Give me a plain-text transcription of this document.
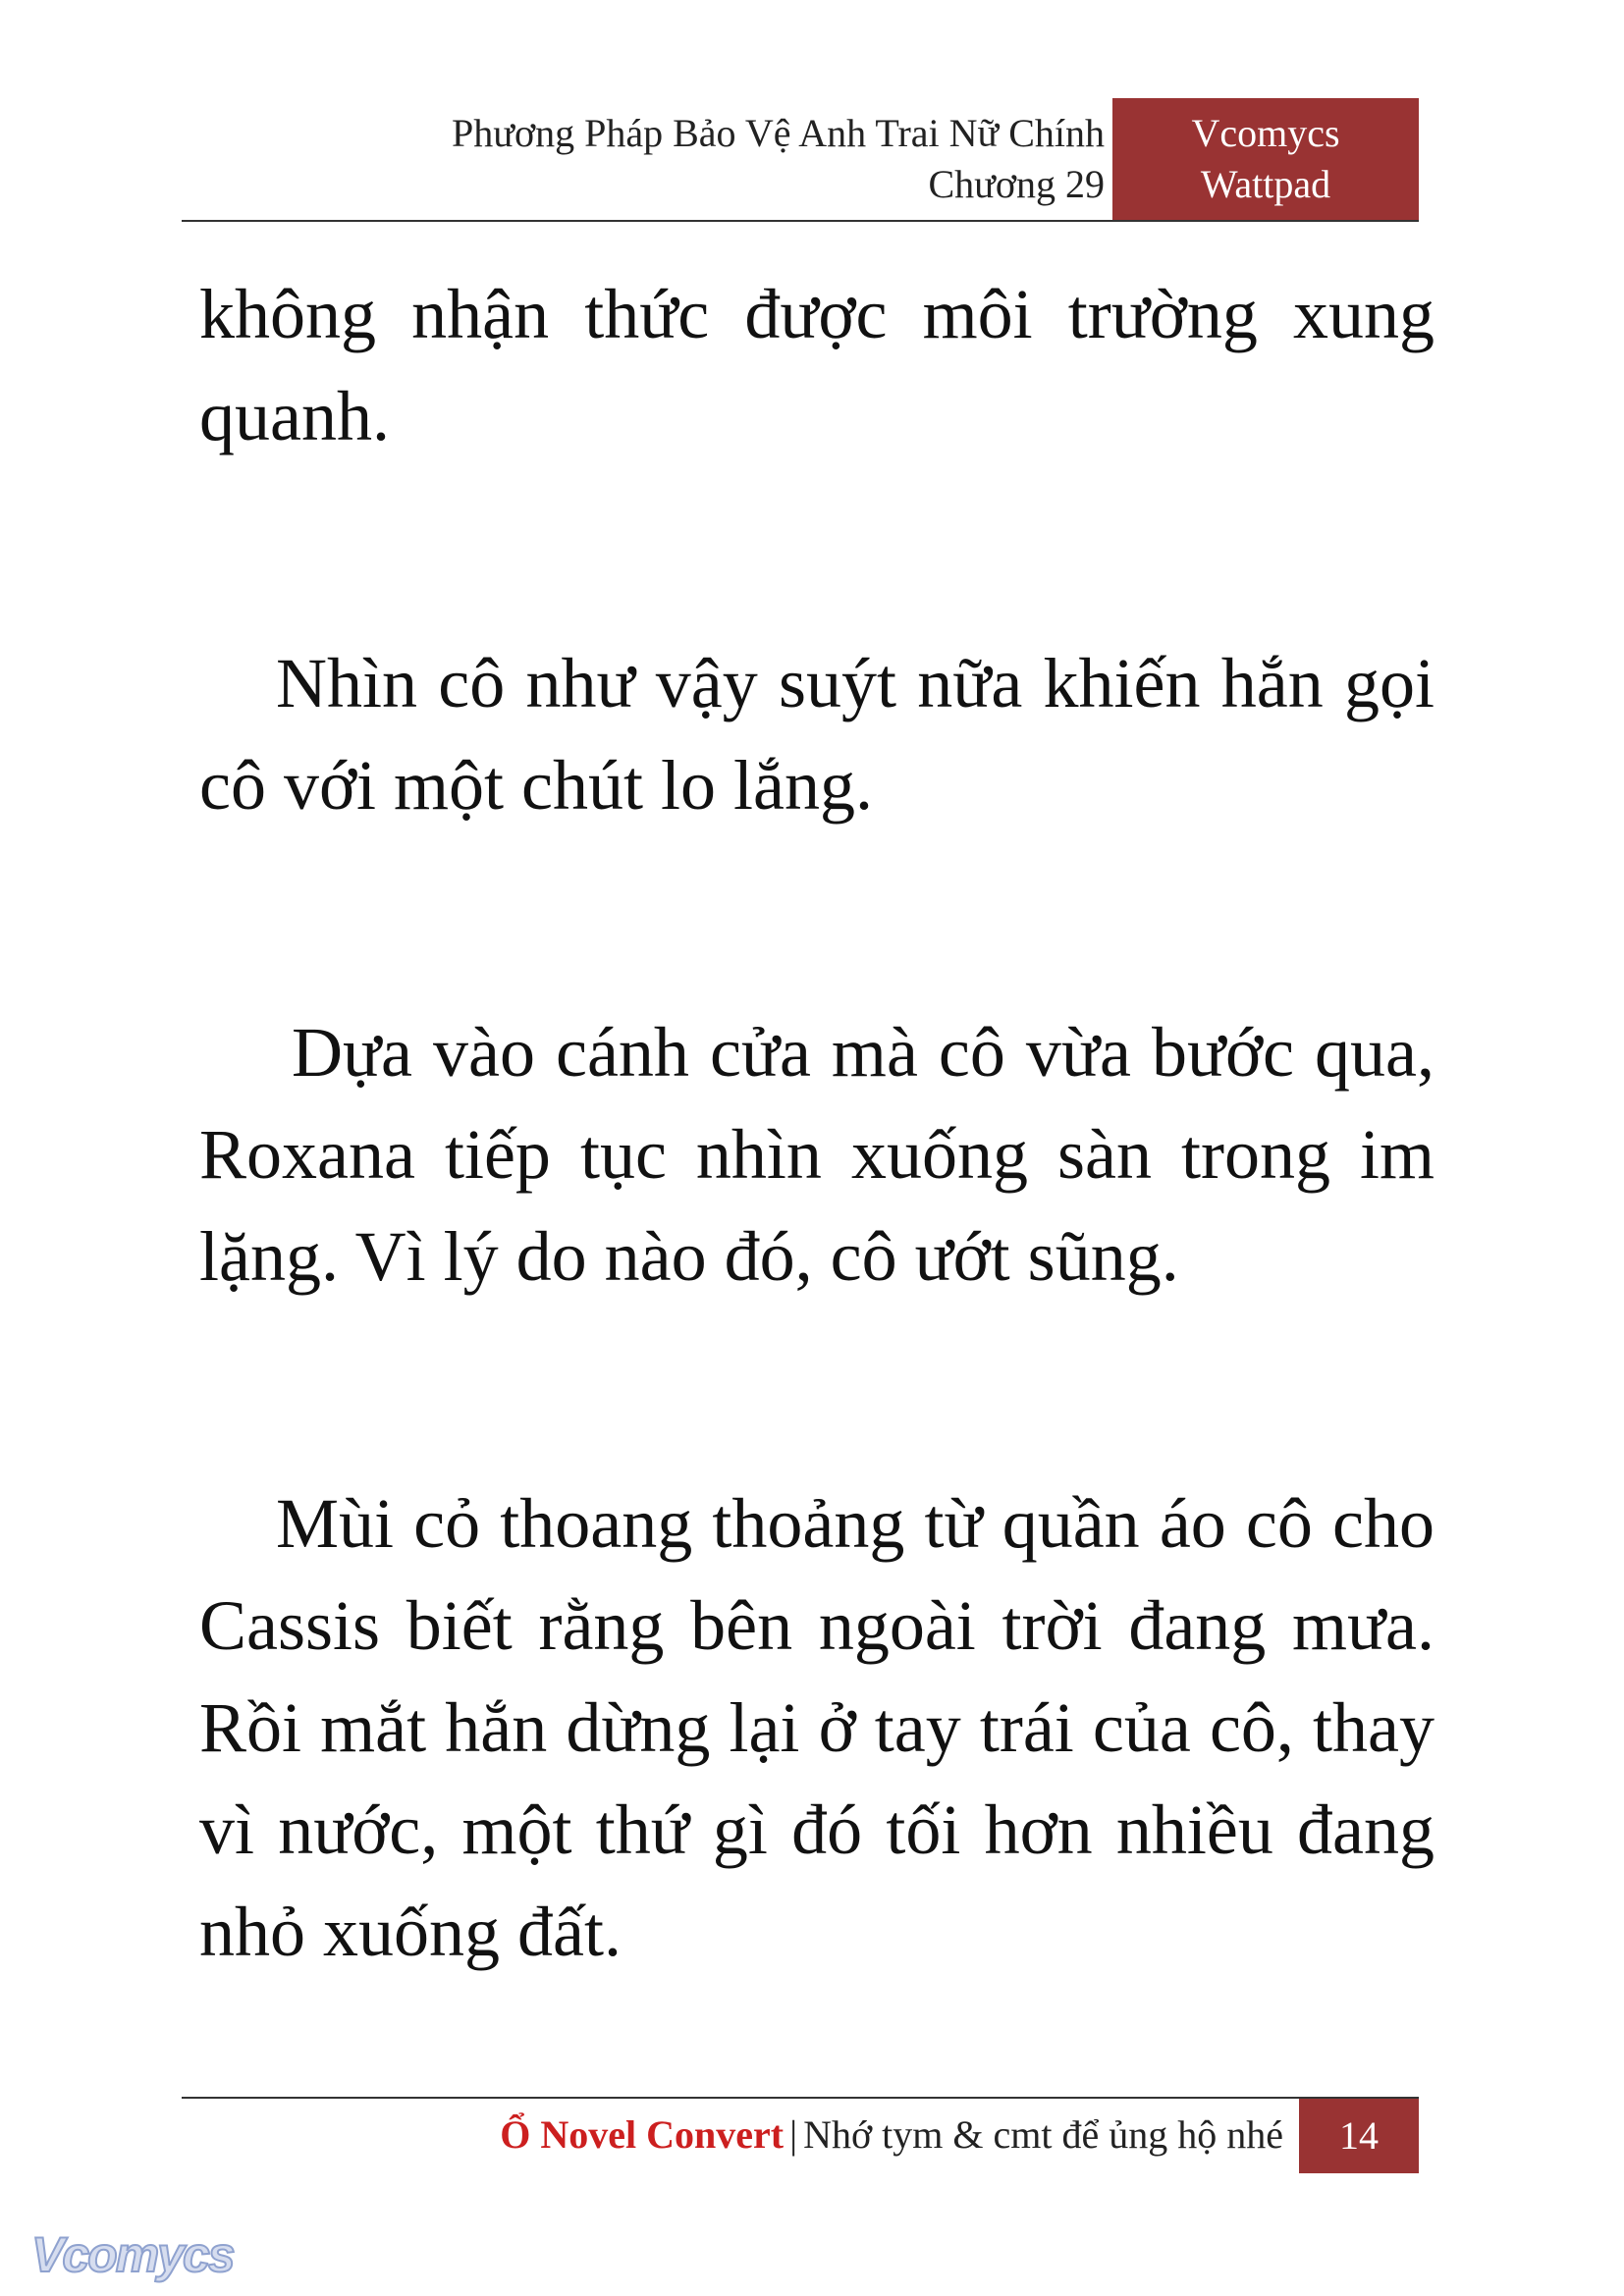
Phương Pháp Bảo Vệ Anh Trai Nữ Chính
Chương 29
Vcomycs
Wattpad

không nhận thức được môi trường xung quanh.

Nhìn cô như vậy suýt nữa khiến hắn gọi cô với một chút lo lắng.

Dựa vào cánh cửa mà cô vừa bước qua, Roxana tiếp tục nhìn xuống sàn trong im lặng. Vì lý do nào đó, cô ướt sũng.

Mùi cỏ thoang thoảng từ quần áo cô cho Cassis biết rằng bên ngoài trời đang mưa. Rồi mắt hắn dừng lại ở tay trái của cô, thay vì nước, một thứ gì đó tối hơn nhiều đang nhỏ xuống đất.

Ổ Novel Convert | Nhớ tym & cmt để ủng hộ nhé	14
Vcomycs
